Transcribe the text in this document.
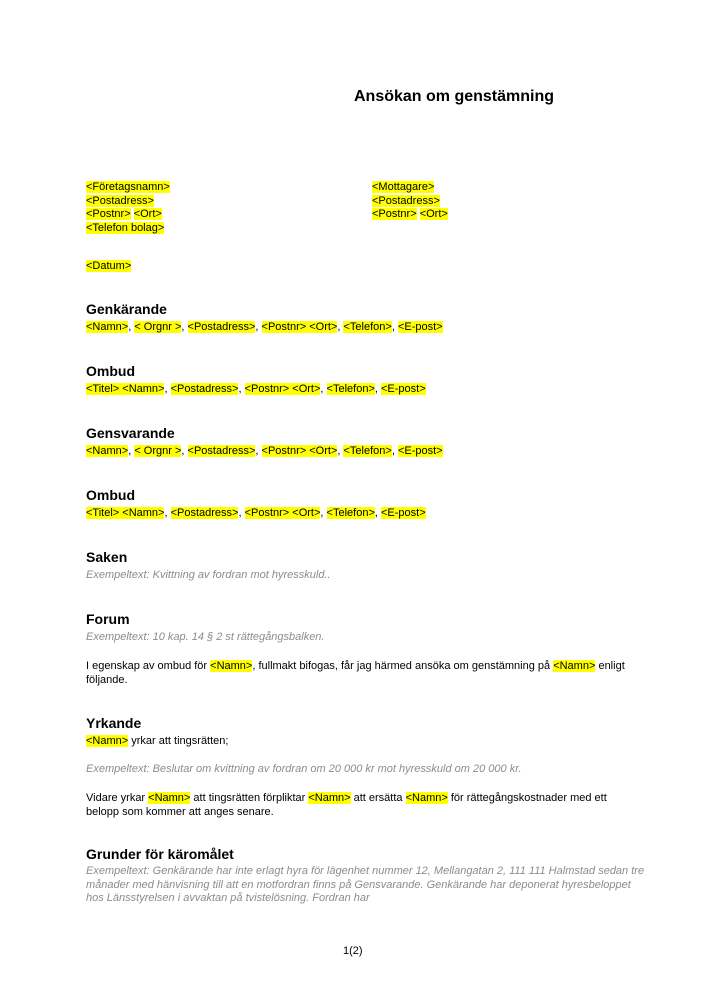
Ansökan om genstämning
<Företagsnamn>
<Postadress>
<Postnr> <Ort>
<Telefon bolag>
<Mottagare>
<Postadress>
<Postnr> <Ort>
<Datum>
Genkärande
<Namn>, < Orgnr >, <Postadress>, <Postnr> <Ort>, <Telefon>, <E-post>
Ombud
<Titel> <Namn>, <Postadress>, <Postnr> <Ort>, <Telefon>, <E-post>
Gensvarande
<Namn>, < Orgnr >, <Postadress>, <Postnr> <Ort>, <Telefon>, <E-post>
Ombud
<Titel> <Namn>, <Postadress>, <Postnr> <Ort>, <Telefon>, <E-post>
Saken
Exempeltext: Kvittning av fordran mot hyresskuld..
Forum
Exempeltext: 10 kap. 14 § 2 st rättegångsbalken.
I egenskap av ombud för <Namn>, fullmakt bifogas, får jag härmed ansöka om genstämning på <Namn> enligt följande.
Yrkande
<Namn> yrkar att tingsrätten;
Exempeltext: Beslutar om kvittning av fordran om 20 000 kr mot hyresskuld om 20 000 kr.
Vidare yrkar <Namn> att tingsrätten förpliktar <Namn> att ersätta <Namn> för rättegångskostnader med ett belopp som kommer att anges senare.
Grunder för käromålet
Exempeltext: Genkärande har inte erlagt hyra för lägenhet nummer 12, Mellangatan 2, 111 111 Halmstad sedan tre månader med hänvisning till att en motfordran finns på Gensvarande. Genkärande har deponerat hyresbeloppet hos Länsstyrelsen i avvaktan på tvistelösning. Fordran har
1(2)
